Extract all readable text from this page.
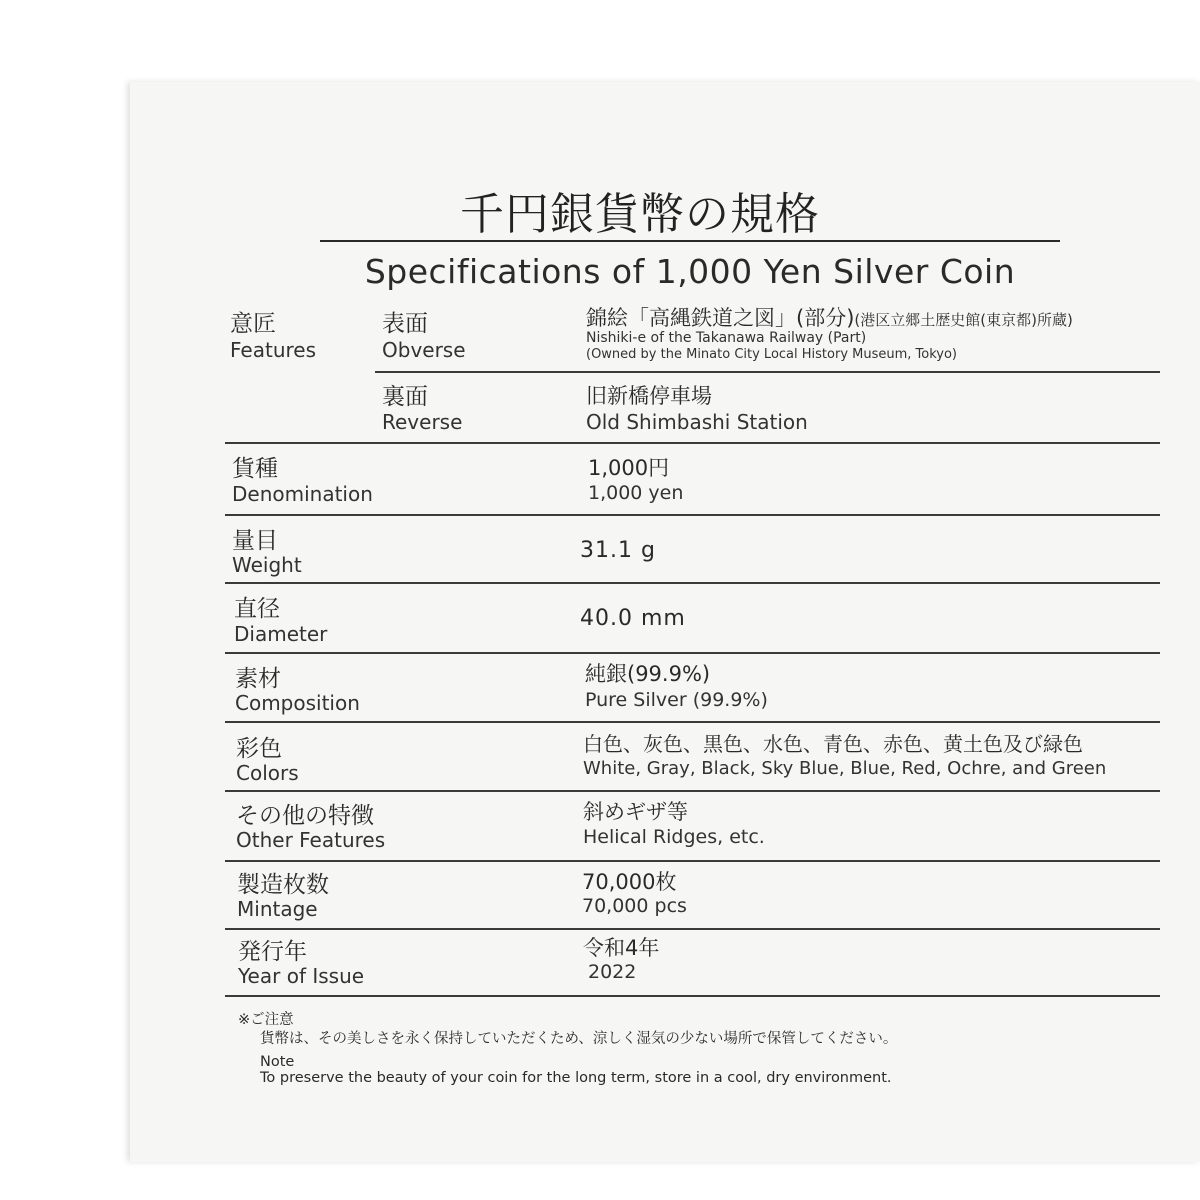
千円銀貨幣の規格
Specifications of 1,000 Yen Silver Coin
意匠
Features
表面
Obverse
錦絵「高縄鉄道之図」(部分)(港区立郷土歴史館(東京都)所蔵)
Nishiki-e of the Takanawa Railway (Part)
(Owned by the Minato City Local History Museum, Tokyo)
裏面
Reverse
旧新橋停車場
Old Shimbashi Station
貨種
Denomination
1,000円
1,000 yen
量目
Weight
31.1 g
直径
Diameter
40.0 mm
素材
Composition
純銀(99.9%)
Pure Silver (99.9%)
彩色
Colors
白色、灰色、黒色、水色、青色、赤色、黄土色及び緑色
White, Gray, Black, Sky Blue, Blue, Red, Ochre, and Green
その他の特徴
Other Features
斜めギザ等
Helical Ridges, etc.
製造枚数
Mintage
70,000枚
70,000 pcs
発行年
Year of Issue
令和4年
2022
※ご注意
貨幣は、その美しさを永く保持していただくため、涼しく湿気の少ない場所で保管してください。
Note
To preserve the beauty of your coin for the long term, store in a cool, dry environment.
